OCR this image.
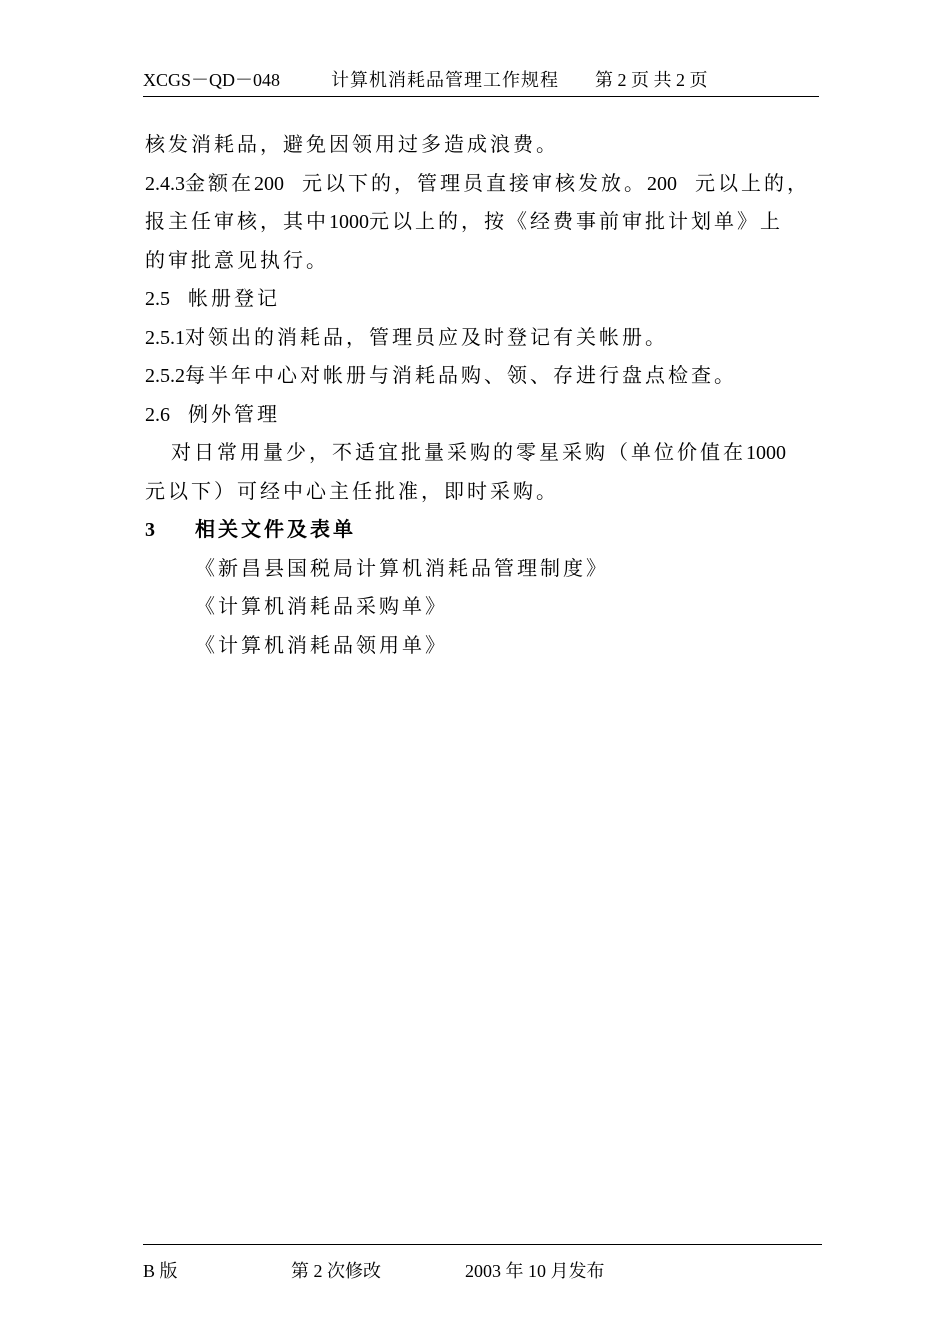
XCGS－QD－048	计算机消耗品管理工作规程 第 2 页 共 2 页

核发消耗品，避免因领用过多造成浪费。

2.4.3金额在200 元以下的，管理员直接审核发放。200 元以上的，

报主任审核，其中1000元以上的，按《经费事前审批计划单》上

的审批意见执行。

2.5 帐册登记

2.5.1对领出的消耗品，管理员应及时登记有关帐册。

2.5.2每半年中心对帐册与消耗品购、领、存进行盘点检查。

2.6 例外管理

对日常用量少，不适宜批量采购的零星采购（单位价值在1000

元以下）可经中心主任批准，即时采购。

3 相关文件及表单

《新昌县国税局计算机消耗品管理制度》

《计算机消耗品采购单》

《计算机消耗品领用单》

B 版	第 2 次修改	2003 年 10 月发布
